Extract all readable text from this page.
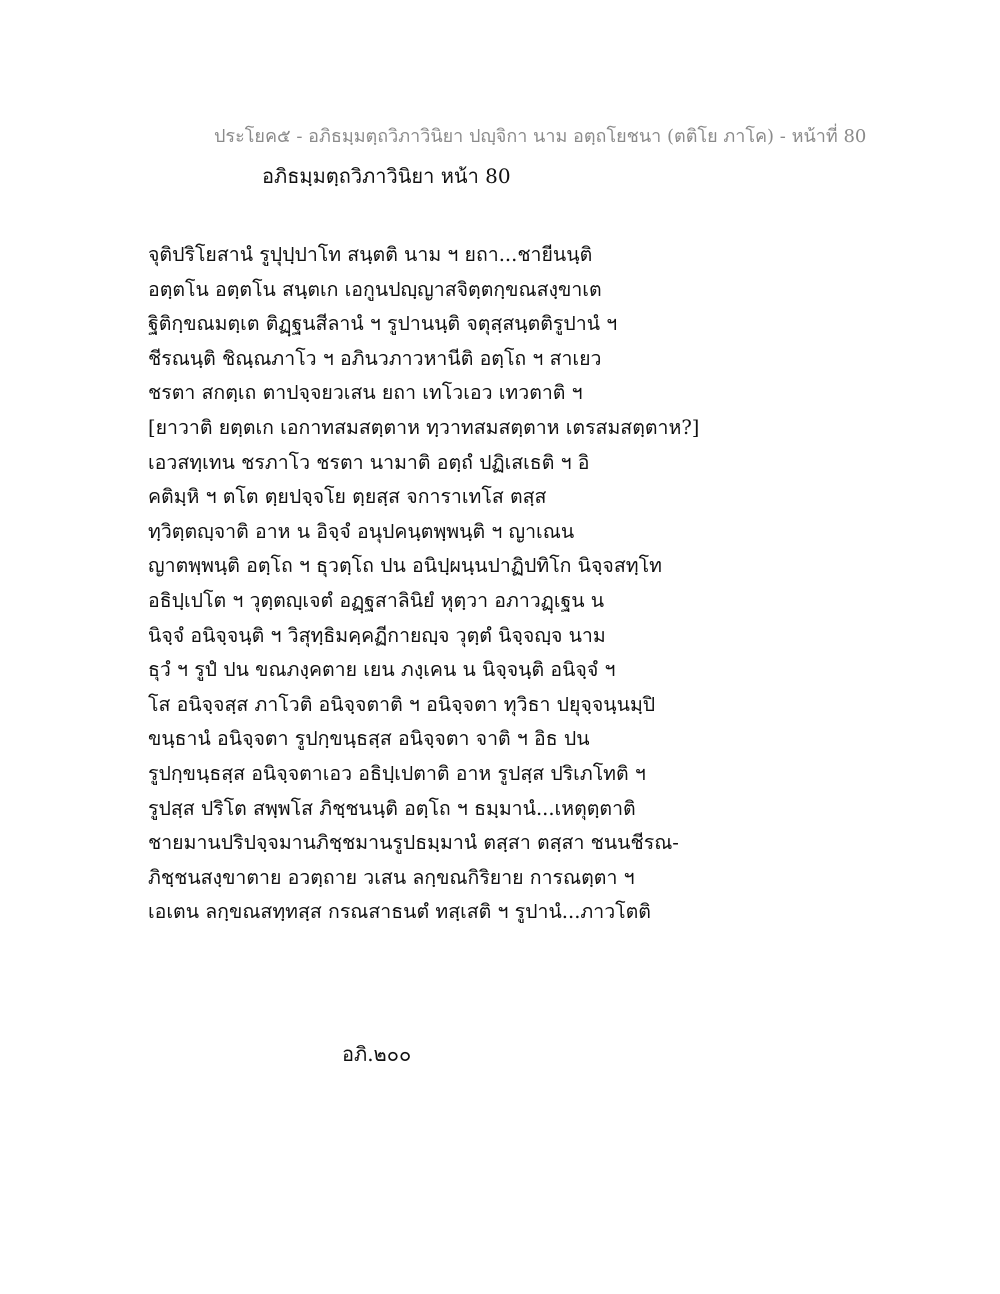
ประโยค๕ - อภิธมฺมตฺถวิภาวินิยา ปญฺจิกา นาม อตฺถโยชนา (ตติโย ภาโค) - หน้าที่ 80
อภิธมฺมตฺถวิภาวินิยา หน้า 80
จุติปริโยสานํ รูปุปฺปาโท สนฺตติ นาม ฯ ยถา...ชายีนนฺติ
อตฺตโน อตฺตโน สนฺตเก เอกูนปญฺญาสจิตฺตกฺขณสงฺขาเต
ฐิติกฺขณมตฺเต ติฏฺฐนสีลานํ ฯ รูปานนฺติ จตุสฺสนฺตติรูปานํ ฯ
ชีรณนฺติ ชิณฺณภาโว ฯ อภินวภาวหานีติ อตฺโถ ฯ สาเยว
ชรตา สกตฺเถ ตาปจฺจยวเสน ยถา เทโวเอว เทวตาติ ฯ
[ยาวาติ ยตฺตเก เอกาทสมสตฺตาห ทฺวาทสมสตฺตาห เตรสมสตฺตาห?]
เอวสทฺเทน ชรภาโว ชรตา นามาติ อตฺถํ ปฏิเสเธติ ฯ อิ
คติมฺหิ ฯ ตโต ตฺยปจฺจโย ตฺยสฺส จการาเทโส ตสฺส
ทฺวิตฺตญฺจาติ อาห น อิจฺจํ อนุปคนฺตพฺพนฺติ ฯ ญาเณน
ญาตพฺพนฺติ อตฺโถ ฯ ธุวตฺโถ ปน อนิปฺผนฺนปาฏิปทิโก นิจฺจสทฺโท
อธิปฺเปโต ฯ วุตฺตญฺเจตํ อฏฺฐสาลินิยํ หุตฺวา อภาวฏฺเฐน น
นิจฺจํ อนิจฺจนฺติ ฯ วิสุทฺธิมคฺคฏีกายญฺจ วุตฺตํ นิจฺจญฺจ นาม
ธุวํ ฯ รูปํ ปน ขณภงฺคตาย เยน ภงฺเคน น นิจฺจนฺติ อนิจฺจํ ฯ
โส อนิจฺจสฺส ภาโวติ อนิจฺจตาติ ฯ อนิจฺจตา ทุวิธา ปยุจฺจนฺนมฺปิ
ขนฺธานํ อนิจฺจตา รูปกฺขนฺธสฺส อนิจฺจตา จาติ ฯ อิธ ปน
รูปกฺขนฺธสฺส อนิจฺจตาเอว อธิปฺเปตาติ อาห รูปสฺส ปริเภโทติ ฯ
รูปสฺส ปริโต สพฺพโส ภิชฺชนนฺติ อตฺโถ ฯ ธมฺมานํ...เหตุตฺตาติ
ชายมานปริปจฺจมานภิชฺชมานรูปธมฺมานํ ตสฺสา ตสฺสา ชนนชีรณ-
ภิชฺชนสงฺขาตาย อวตฺถาย วเสน ลกฺขณกิริยาย การณตฺตา ฯ
เอเตน ลกฺขณสทฺทสฺส กรณสาธนตํ ทสฺเสติ ฯ รูปานํ...ภาวโตติ
อภิ.๒๐๐
